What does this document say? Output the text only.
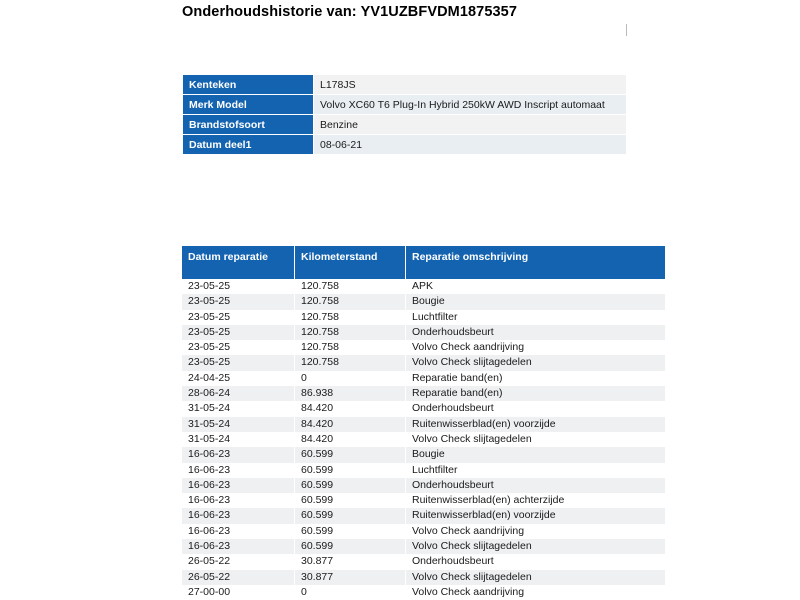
Onderhoudshistorie van: YV1UZBFVDM1875357
Kenteken	L178JS
Merk Model	Volvo XC60 T6 Plug-In Hybrid 250kW AWD Inscript automaat
Brandstofsoort	Benzine
Datum deel1	08-06-21
Datum reparatie	Kilometerstand	Reparatie omschrijving
23-05-25	120.758	APK
23-05-25	120.758	Bougie
23-05-25	120.758	Luchtfilter
23-05-25	120.758	Onderhoudsbeurt
23-05-25	120.758	Volvo Check aandrijving
23-05-25	120.758	Volvo Check slijtagedelen
24-04-25	0	Reparatie band(en)
28-06-24	86.938	Reparatie band(en)
31-05-24	84.420	Onderhoudsbeurt
31-05-24	84.420	Ruitenwisserblad(en) voorzijde
31-05-24	84.420	Volvo Check slijtagedelen
16-06-23	60.599	Bougie
16-06-23	60.599	Luchtfilter
16-06-23	60.599	Onderhoudsbeurt
16-06-23	60.599	Ruitenwisserblad(en) achterzijde
16-06-23	60.599	Ruitenwisserblad(en) voorzijde
16-06-23	60.599	Volvo Check aandrijving
16-06-23	60.599	Volvo Check slijtagedelen
26-05-22	30.877	Onderhoudsbeurt
26-05-22	30.877	Volvo Check slijtagedelen
27-00-00	0	Volvo Check aandrijving
